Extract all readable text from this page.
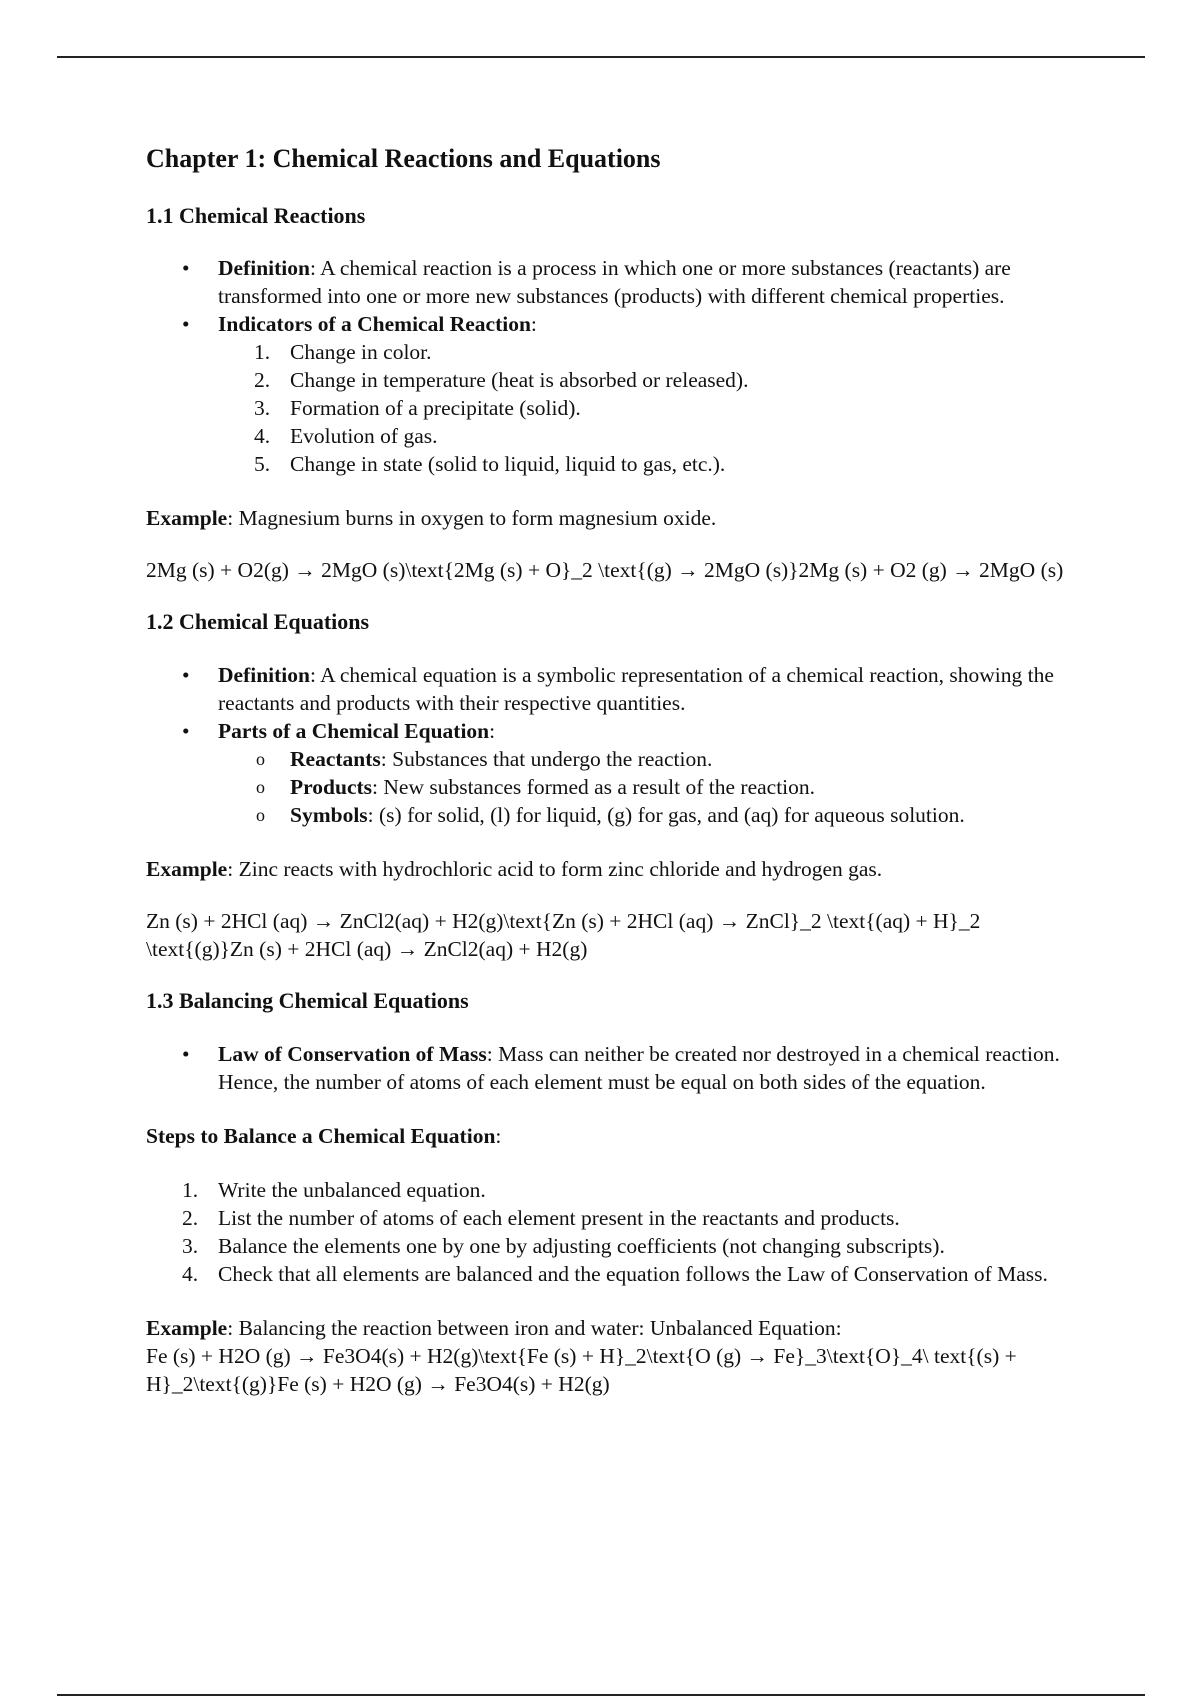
Chapter 1: Chemical Reactions and Equations
1.1 Chemical Reactions
• Definition: A chemical reaction is a process in which one or more substances (reactants) are transformed into one or more new substances (products) with different chemical properties.
• Indicators of a Chemical Reaction:
1. Change in color.
2. Change in temperature (heat is absorbed or released).
3. Formation of a precipitate (solid).
4. Evolution of gas.
5. Change in state (solid to liquid, liquid to gas, etc.).

Example: Magnesium burns in oxygen to form magnesium oxide.

2Mg (s) + O2(g) → 2MgO (s)\text{2Mg (s) + O}_2 \text{(g) → 2MgO (s)}2Mg (s) + O2 (g) → 2MgO (s)

1.2 Chemical Equations
• Definition: A chemical equation is a symbolic representation of a chemical reaction, showing the reactants and products with their respective quantities.
• Parts of a Chemical Equation:
o Reactants: Substances that undergo the reaction.
o Products: New substances formed as a result of the reaction.
o Symbols: (s) for solid, (l) for liquid, (g) for gas, and (aq) for aqueous solution.

Example: Zinc reacts with hydrochloric acid to form zinc chloride and hydrogen gas.

Zn (s) + 2HCl (aq) → ZnCl2(aq) + H2(g)\text{Zn (s) + 2HCl (aq) → ZnCl}_2 \text{(aq) + H}_2 \text{(g)}Zn (s) + 2HCl (aq) → ZnCl2(aq) + H2(g)

1.3 Balancing Chemical Equations
• Law of Conservation of Mass: Mass can neither be created nor destroyed in a chemical reaction. Hence, the number of atoms of each element must be equal on both sides of the equation.

Steps to Balance a Chemical Equation:

1. Write the unbalanced equation.
2. List the number of atoms of each element present in the reactants and products.
3. Balance the elements one by one by adjusting coefficients (not changing subscripts).
4. Check that all elements are balanced and the equation follows the Law of Conservation of Mass.

Example: Balancing the reaction between iron and water: Unbalanced Equation:
Fe (s) + H2O (g) → Fe3O4(s) + H2(g)\text{Fe (s) + H}_2\text{O (g) → Fe}_3\text{O}_4\ text{(s) + H}_2\text{(g)}Fe (s) + H2O (g) → Fe3O4(s) + H2(g)
